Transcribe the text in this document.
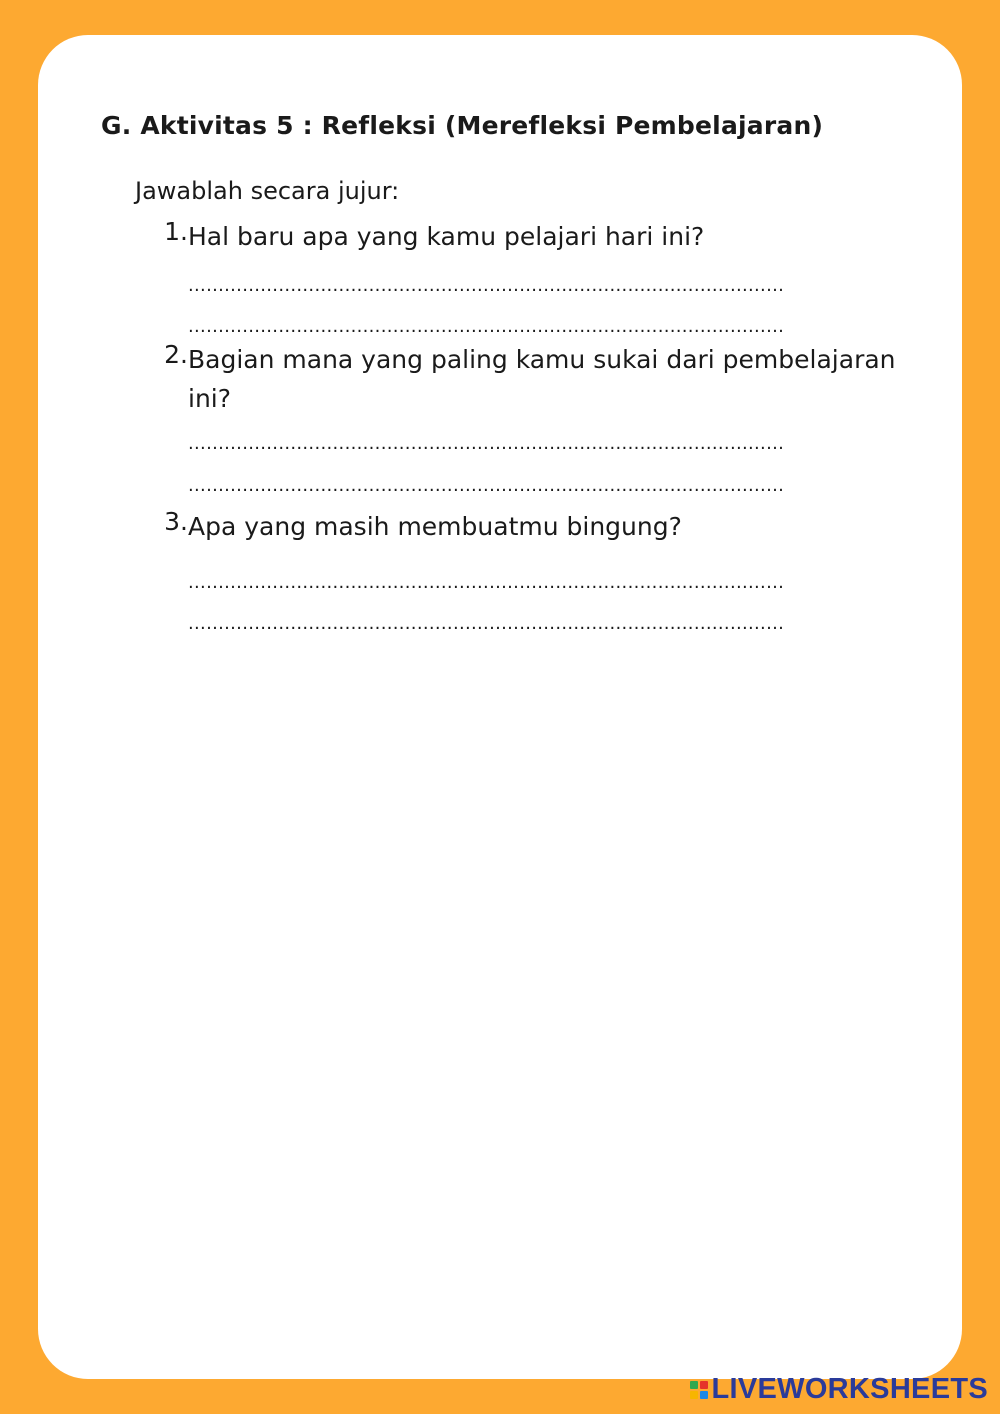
G. Aktivitas 5 : Refleksi (Merefleksi Pembelajaran)

Jawablah secara jujur:

1. Hal baru apa yang kamu pelajari hari ini?

...................................................................................................
...................................................................................................
2. Bagian mana yang paling kamu sukai dari pembelajaran ini?

...................................................................................................
...................................................................................................
3. Apa yang masih membuatmu bingung?

...................................................................................................
...................................................................................................
LIVEWORKSHEETS
